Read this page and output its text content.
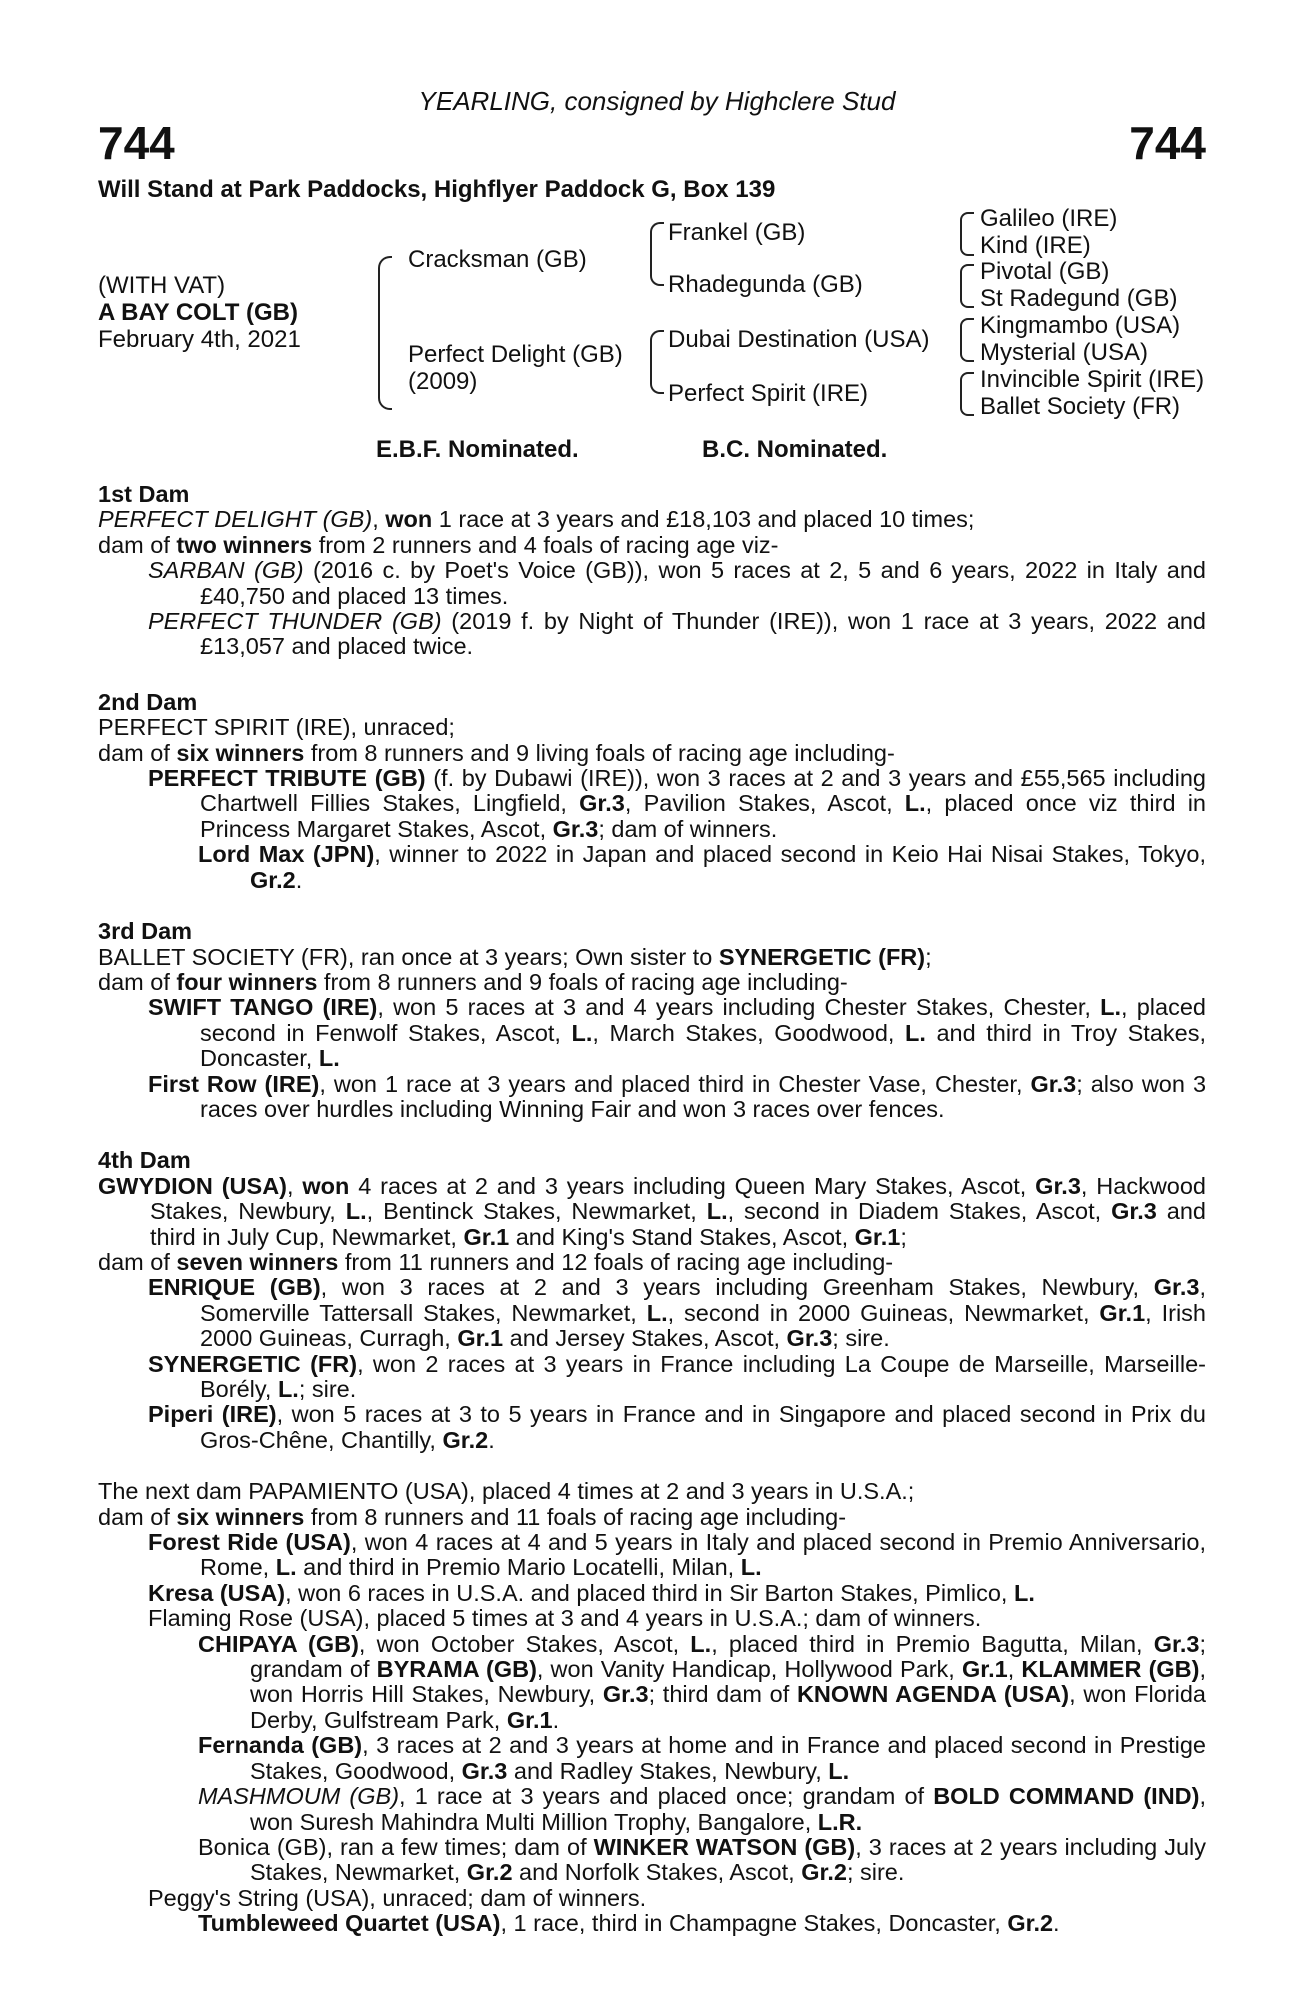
744	744
YEARLING, consigned by Highclere Stud
Will Stand at Park Paddocks, Highflyer Paddock G, Box 139
(WITH VAT)
A BAY COLT (GB)
February 4th, 2021
Cracksman (GB)
Perfect Delight (GB)
(2009)
Frankel (GB)
Rhadegunda (GB)
Dubai Destination (USA)
Perfect Spirit (IRE)
Galileo (IRE)
Kind (IRE)
Pivotal (GB)
St Radegund (GB)
Kingmambo (USA)
Mysterial (USA)
Invincible Spirit (IRE)
Ballet Society (FR)
E.B.F. Nominated.	B.C. Nominated.
1st Dam
PERFECT DELIGHT (GB), won 1 race at 3 years and £18,103 and placed 10 times;
dam of two winners from 2 runners and 4 foals of racing age viz-
SARBAN (GB) (2016 c. by Poet's Voice (GB)), won 5 races at 2, 5 and 6 years, 2022 in Italy and £40,750 and placed 13 times.
PERFECT THUNDER (GB) (2019 f. by Night of Thunder (IRE)), won 1 race at 3 years, 2022 and £13,057 and placed twice.
2nd Dam
PERFECT SPIRIT (IRE), unraced;
dam of six winners from 8 runners and 9 living foals of racing age including-
PERFECT TRIBUTE (GB) (f. by Dubawi (IRE)), won 3 races at 2 and 3 years and £55,565 including Chartwell Fillies Stakes, Lingfield, Gr.3, Pavilion Stakes, Ascot, L., placed once viz third in Princess Margaret Stakes, Ascot, Gr.3; dam of winners.
Lord Max (JPN), winner to 2022 in Japan and placed second in Keio Hai Nisai Stakes, Tokyo, Gr.2.
3rd Dam
BALLET SOCIETY (FR), ran once at 3 years; Own sister to SYNERGETIC (FR);
dam of four winners from 8 runners and 9 foals of racing age including-
SWIFT TANGO (IRE), won 5 races at 3 and 4 years including Chester Stakes, Chester, L., placed second in Fenwolf Stakes, Ascot, L., March Stakes, Goodwood, L. and third in Troy Stakes, Doncaster, L.
First Row (IRE), won 1 race at 3 years and placed third in Chester Vase, Chester, Gr.3; also won 3 races over hurdles including Winning Fair and won 3 races over fences.
4th Dam
GWYDION (USA), won 4 races at 2 and 3 years including Queen Mary Stakes, Ascot, Gr.3, Hackwood Stakes, Newbury, L., Bentinck Stakes, Newmarket, L., second in Diadem Stakes, Ascot, Gr.3 and third in July Cup, Newmarket, Gr.1 and King's Stand Stakes, Ascot, Gr.1;
dam of seven winners from 11 runners and 12 foals of racing age including-
ENRIQUE (GB), won 3 races at 2 and 3 years including Greenham Stakes, Newbury, Gr.3, Somerville Tattersall Stakes, Newmarket, L., second in 2000 Guineas, Newmarket, Gr.1, Irish 2000 Guineas, Curragh, Gr.1 and Jersey Stakes, Ascot, Gr.3; sire.
SYNERGETIC (FR), won 2 races at 3 years in France including La Coupe de Marseille, Marseille-Borély, L.; sire.
Piperi (IRE), won 5 races at 3 to 5 years in France and in Singapore and placed second in Prix du Gros-Chêne, Chantilly, Gr.2.
The next dam PAPAMIENTO (USA), placed 4 times at 2 and 3 years in U.S.A.;
dam of six winners from 8 runners and 11 foals of racing age including-
Forest Ride (USA), won 4 races at 4 and 5 years in Italy and placed second in Premio Anniversario, Rome, L. and third in Premio Mario Locatelli, Milan, L.
Kresa (USA), won 6 races in U.S.A. and placed third in Sir Barton Stakes, Pimlico, L.
Flaming Rose (USA), placed 5 times at 3 and 4 years in U.S.A.; dam of winners.
CHIPAYA (GB), won October Stakes, Ascot, L., placed third in Premio Bagutta, Milan, Gr.3; grandam of BYRAMA (GB), won Vanity Handicap, Hollywood Park, Gr.1, KLAMMER (GB), won Horris Hill Stakes, Newbury, Gr.3; third dam of KNOWN AGENDA (USA), won Florida Derby, Gulfstream Park, Gr.1.
Fernanda (GB), 3 races at 2 and 3 years at home and in France and placed second in Prestige Stakes, Goodwood, Gr.3 and Radley Stakes, Newbury, L.
MASHMOUM (GB), 1 race at 3 years and placed once; grandam of BOLD COMMAND (IND), won Suresh Mahindra Multi Million Trophy, Bangalore, L.R.
Bonica (GB), ran a few times; dam of WINKER WATSON (GB), 3 races at 2 years including July Stakes, Newmarket, Gr.2 and Norfolk Stakes, Ascot, Gr.2; sire.
Peggy's String (USA), unraced; dam of winners.
Tumbleweed Quartet (USA), 1 race, third in Champagne Stakes, Doncaster, Gr.2.
